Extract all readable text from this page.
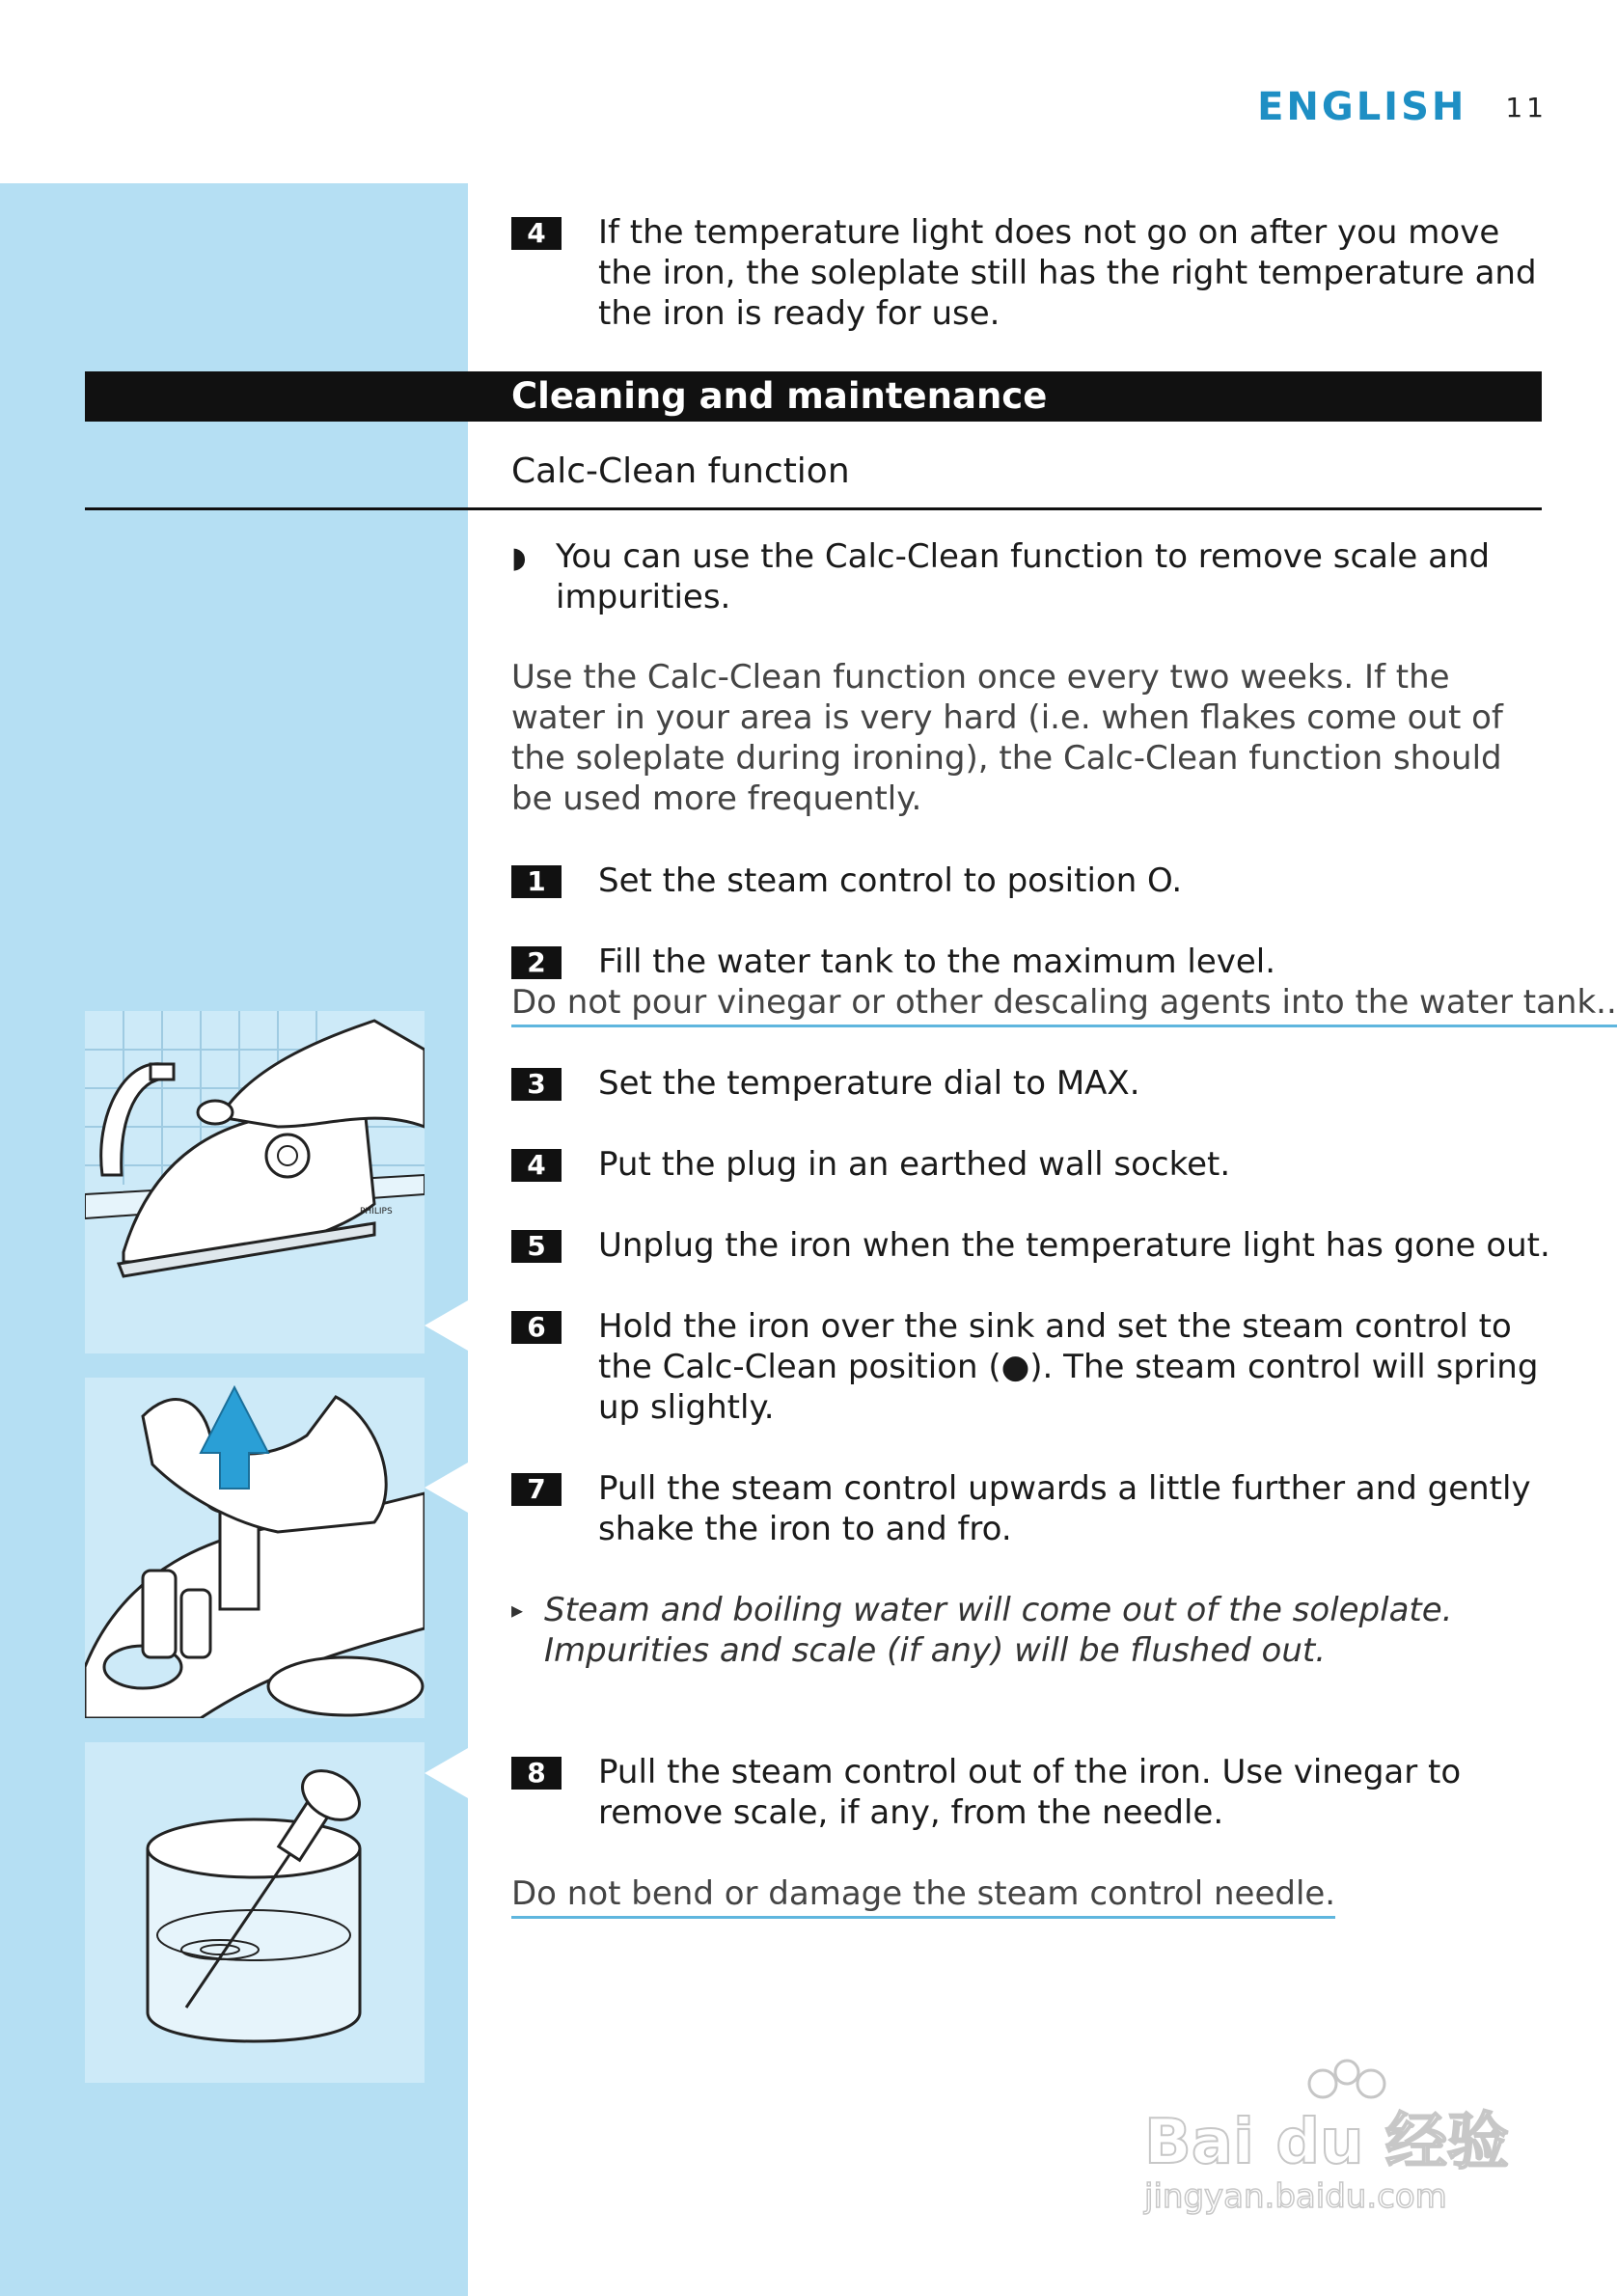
ENGLISH 11
4	If the temperature light does not go on after you move the iron, the soleplate still has the right temperature and the iron is ready for use.
Cleaning and maintenance
Calc-Clean function
◗ You can use the Calc-Clean function to remove scale and impurities.
Use the Calc-Clean function once every two weeks. If the water in your area is very hard (i.e. when flakes come out of the soleplate during ironing), the Calc-Clean function should be used more frequently.
1	Set the steam control to position O.
2	Fill the water tank to the maximum level.
Do not pour vinegar or other descaling agents into the water tank..
3	Set the temperature dial to MAX.
4	Put the plug in an earthed wall socket.
5	Unplug the iron when the temperature light has gone out.
6	Hold the iron over the sink and set the steam control to the Calc-Clean position (●). The steam control will spring up slightly.
7	Pull the steam control upwards a little further and gently shake the iron to and fro.
▸ Steam and boiling water will come out of the soleplate. Impurities and scale (if any) will be flushed out.
8	Pull the steam control out of the iron. Use vinegar to remove scale, if any, from the needle.
Do not bend or damage the steam control needle.
PHILIPS
Bai du 经验
jingyan.baidu.com
